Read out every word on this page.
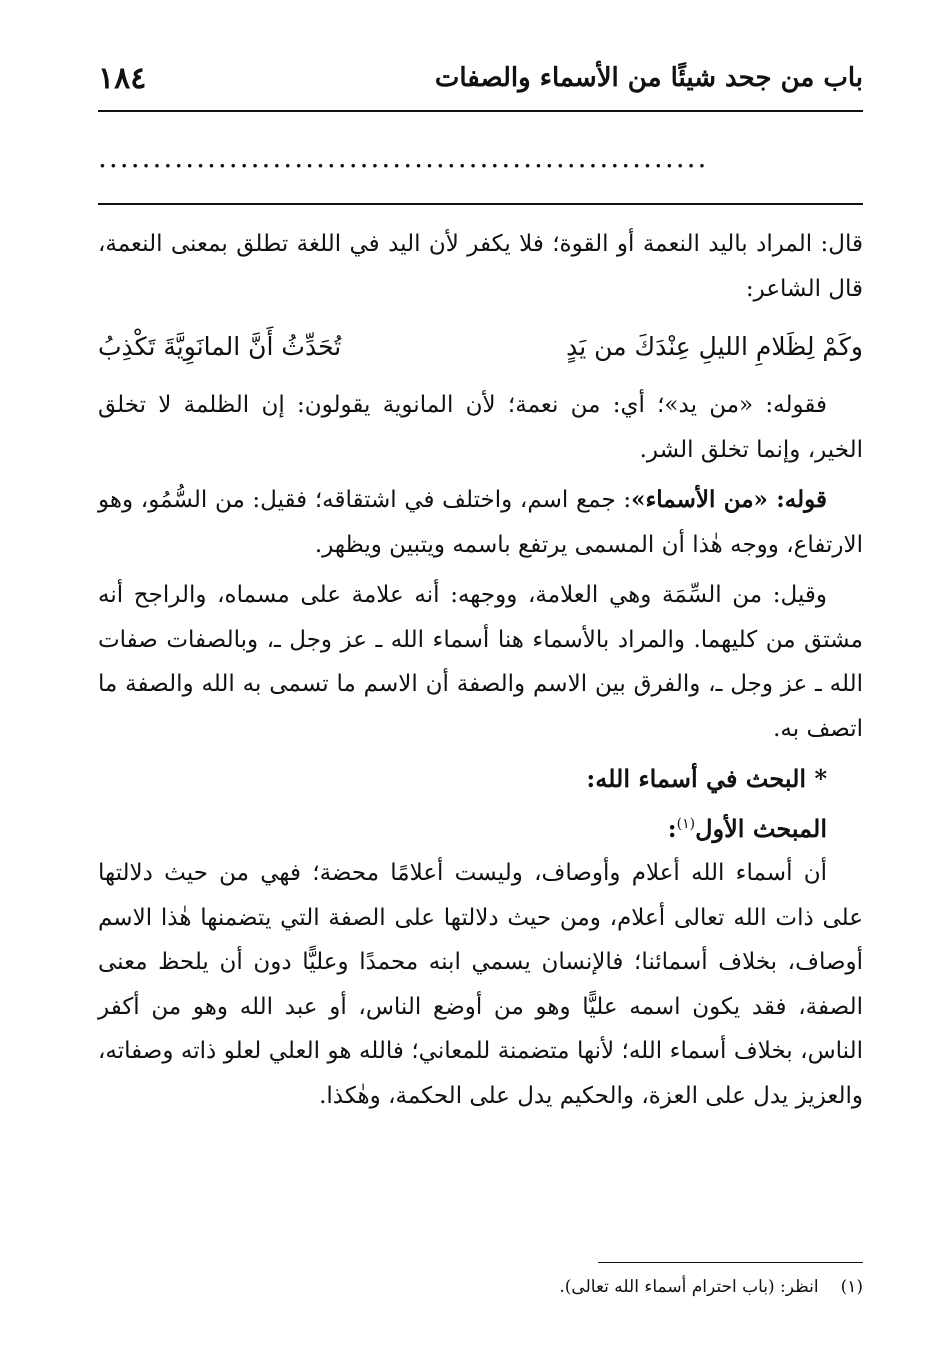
باب من جحد شيئًا من الأسماء والصفات
١٨٤
........................................................

قال: المراد باليد النعمة أو القوة؛ فلا يكفر لأن اليد في اللغة تطلق بمعنى النعمة، قال الشاعر:

وكَمْ لِظَلامِ الليلِ عِنْدَكَ من يَدٍ
تُحَدِّثُ أَنَّ المانَوِيَّةَ تَكْذِبُ

فقوله: «من يد»؛ أي: من نعمة؛ لأن المانوية يقولون: إن الظلمة لا تخلق الخير، وإنما تخلق الشر.

قوله: «من الأسماء»: جمع اسم، واختلف في اشتقاقه؛ فقيل: من السُّمُو، وهو الارتفاع، ووجه هٰذا أن المسمى يرتفع باسمه ويتبين ويظهر.

وقيل: من السِّمَة وهي العلامة، ووجهه: أنه علامة على مسماه، والراجح أنه مشتق من كليهما. والمراد بالأسماء هنا أسماء الله ـ عز وجل ـ، وبالصفات صفات الله ـ عز وجل ـ، والفرق بين الاسم والصفة أن الاسم ما تسمى به الله والصفة ما اتصف به.

* البحث في أسماء الله:
المبحث الأول$^{(١)}$:

أن أسماء الله أعلام وأوصاف، وليست أعلامًا محضة؛ فهي من حيث دلالتها على ذات الله تعالى أعلام، ومن حيث دلالتها على الصفة التي يتضمنها هٰذا الاسم أوصاف، بخلاف أسمائنا؛ فالإنسان يسمي ابنه محمدًا وعليًّا دون أن يلحظ معنى الصفة، فقد يكون اسمه عليًّا وهو من أوضع الناس، أو عبد الله وهو من أكفر الناس، بخلاف أسماء الله؛ لأنها متضمنة للمعاني؛ فالله هو العلي لعلو ذاته وصفاته، والعزيز يدل على العزة، والحكيم يدل على الحكمة، وهٰكذا.

(١)انظر: (باب احترام أسماء الله تعالى).
